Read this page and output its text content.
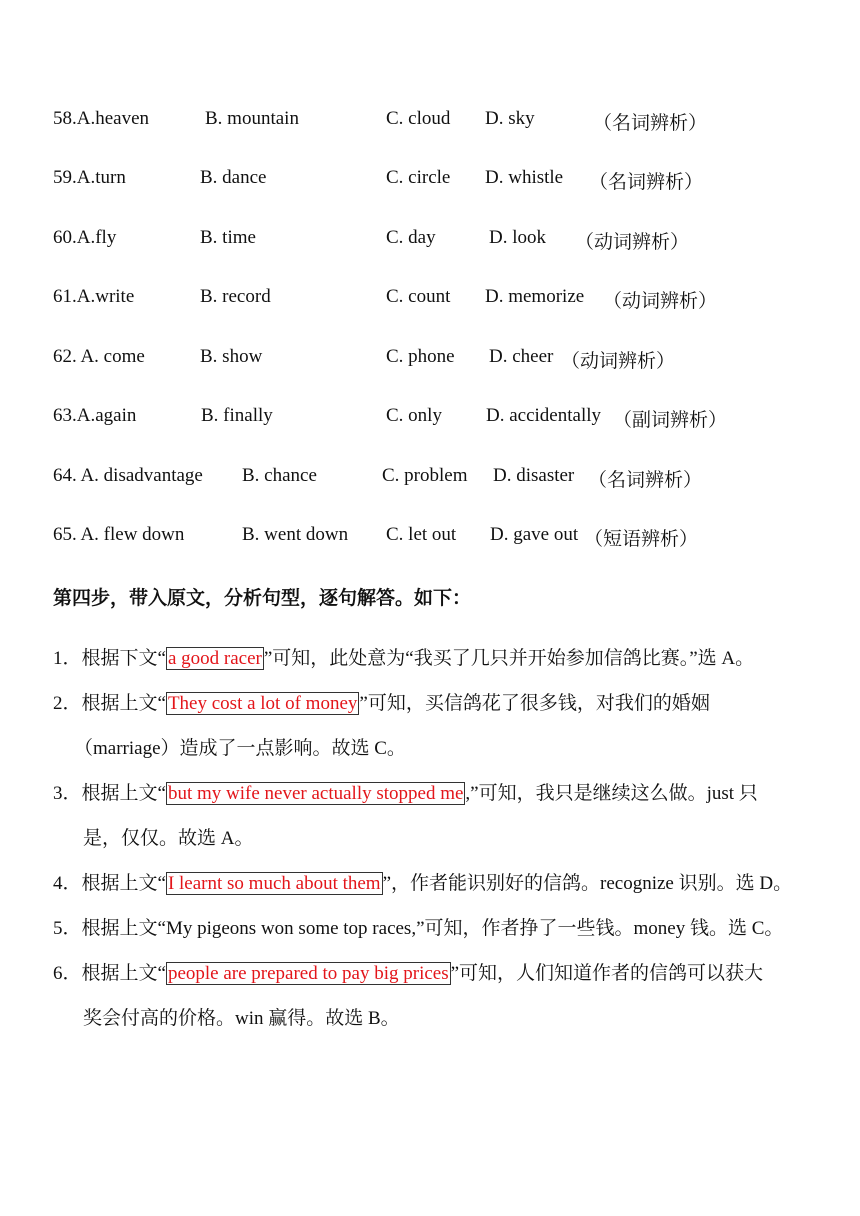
58.A.heaven	B. mountain	C. cloud D. sky	（名词辨析）
59.A.turn	B. dance	C. circle D. whistle （名词辨析）
60.A.fly	B. time	C. day	D. look （动词辨析）
61.A.write	B. record	C. count D. memorize （动词辨析）
62. A. come	B. show	C. phone D. cheer （动词辨析）
63.A.again	B. finally	C. only D. accidentally （副词辨析）
64. A. disadvantage B. chance	C. problem D. disaster （名词辨析）
65. A. flew down	B. went down C. let out D. gave out （短语辨析）
第四步，带入原文，分析句型，逐句解答。如下：
1．根据下文“ a good racer ”可知，此处意为“我买了几只并开始参加信鸽比赛。”选 A。
2．根据上文“ They cost a lot of money ”可知，买信鸽花了很多钱，对我们的婚姻
（marriage）造成了一点影响。故选 C。
3．根据上文“ but my wife never actually stopped me ,”可知，我只是继续这么做。just 只
是，仅仅。故选 A。
4．根据上文“ I learnt so much about them ”，作者能识别好的信鸽。recognize 识别。选 D。
5．根据上文“My pigeons won some top races,”可知，作者挣了一些钱。money 钱。选 C。
6．根据上文“ people are prepared to pay big prices ”可知，人们知道作者的信鸽可以获大
奖会付高的价格。win 赢得。故选 B。
